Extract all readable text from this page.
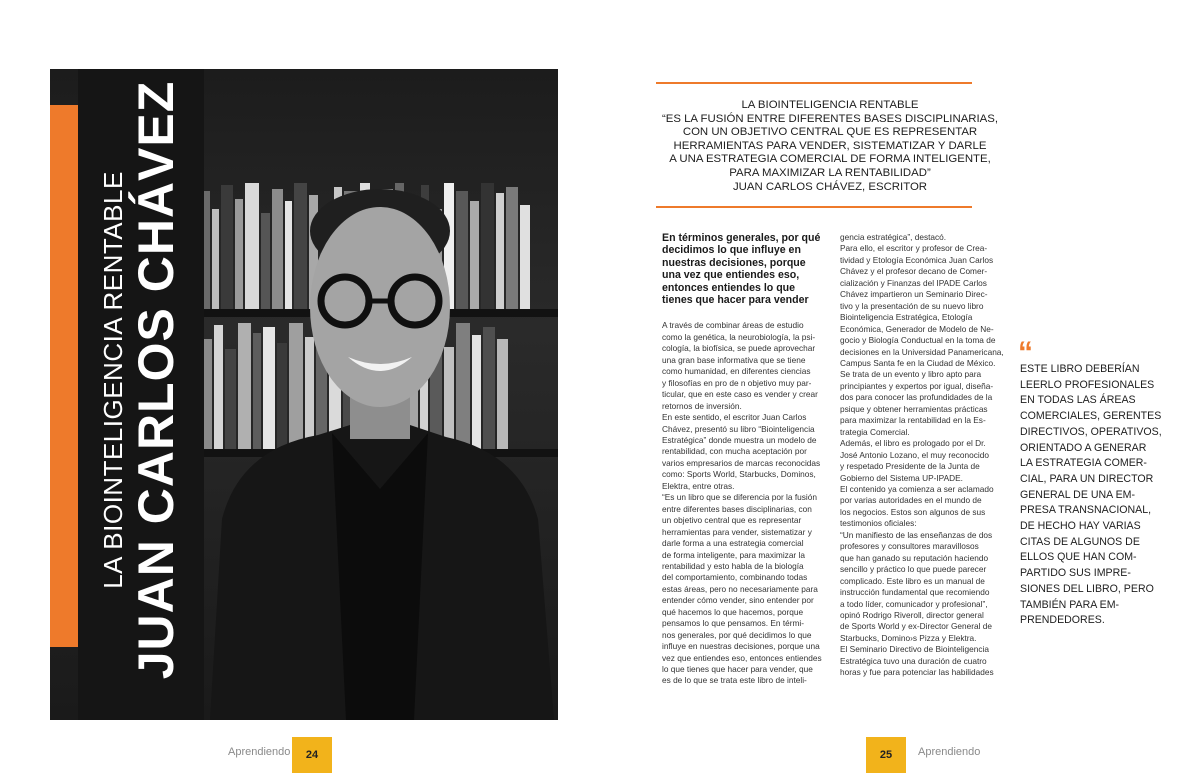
LA BIOINTELIGENCIA RENTABLE JUAN CARLOS CHÁVEZ
Aprendiendo	24
LA BIOINTELIGENCIA RENTABLE
“ES LA FUSIÓN ENTRE DIFERENTES BASES DISCIPLINARIAS,
CON UN OBJETIVO CENTRAL QUE ES REPRESENTAR
HERRAMIENTAS PARA VENDER, SISTEMATIZAR Y DARLE
A UNA ESTRATEGIA COMERCIAL DE FORMA INTELIGENTE,
PARA MAXIMIZAR LA RENTABILIDAD”
JUAN CARLOS CHÁVEZ, ESCRITOR
En términos generales, por qué
decidimos lo que influye en
nuestras decisiones, porque
una vez que entiendes eso,
entonces entiendes lo que
tienes que hacer para vender
A través de combinar áreas de estudio
como la genética, la neurobiología, la psi-
cología, la biofísica, se puede aprovechar
una gran base informativa que se tiene
como humanidad, en diferentes ciencias
y filosofías en pro de n objetivo muy par-
ticular, que en este caso es vender y crear
retornos de inversión.
En este sentido, el escritor Juan Carlos
Chávez, presentó su libro “Biointeligencia
Estratégica” donde muestra un modelo de
rentabilidad, con mucha aceptación por
varios empresarios de marcas reconocidas
como: Sports World, Starbucks, Dominos,
Elektra, entre otras.
“Es un libro que se diferencia por la fusión
entre diferentes bases disciplinarias, con
un objetivo central que es representar
herramientas para vender, sistematizar y
darle forma a una estrategia comercial
de forma inteligente, para maximizar la
rentabilidad y esto habla de la biología
del comportamiento, combinando todas
estas áreas, pero no necesariamente para
entender cómo vender, sino entender por
qué hacemos lo que hacemos, porque
pensamos lo que pensamos. En térmi-
nos generales, por qué decidimos lo que
influye en nuestras decisiones, porque una
vez que entiendes eso, entonces entiendes
lo que tienes que hacer para vender, que
es de lo que se trata este libro de inteli-
gencia estratégica”, destacó.
Para ello, el escritor y profesor de Crea-
tividad y Etología Económica Juan Carlos
Chávez y el profesor decano de Comer-
cialización y Finanzas del IPADE Carlos
Chávez impartieron un Seminario Direc-
tivo y la presentación de su nuevo libro
Biointeligencia Estratégica, Etología
Económica, Generador de Modelo de Ne-
gocio y Biología Conductual en la toma de
decisiones en la Universidad Panamericana,
Campus Santa fe en la Ciudad de México.
Se trata de un evento y libro apto para
principiantes y expertos por igual, diseña-
dos para conocer las profundidades de la
psique y obtener herramientas prácticas
para maximizar la rentabilidad en la Es-
trategia Comercial.
Además, el libro es prologado por el Dr.
José Antonio Lozano, el muy reconocido
y respetado Presidente de la Junta de
Gobierno del Sistema UP-IPADE.
El contenido ya comienza a ser aclamado
por varias autoridades en el mundo de
los negocios. Estos son algunos de sus
testimonios oficiales:
“Un manifiesto de las enseñanzas de dos
profesores y consultores maravillosos
que han ganado su reputación haciendo
sencillo y práctico lo que puede parecer
complicado. Este libro es un manual de
instrucción fundamental que recomiendo
a todo líder, comunicador y profesional”,
opinó Rodrigo Riveroll, director general
de Sports World y ex-Director General de
Starbucks, Domino›s Pizza y Elektra.
El Seminario Directivo de Biointeligencia
Estratégica tuvo una duración de cuatro
horas y fue para potenciar las habilidades
“
ESTE LIBRO DEBERÍAN
LEERLO PROFESIONALES
EN TODAS LAS ÁREAS
COMERCIALES, GERENTES
DIRECTIVOS, OPERATIVOS,
ORIENTADO A GENERAR
LA ESTRATEGIA COMER-
CIAL, PARA UN DIRECTOR
GENERAL DE UNA EM-
PRESA TRANSNACIONAL,
DE HECHO HAY VARIAS
CITAS DE ALGUNOS DE
ELLOS QUE HAN COM-
PARTIDO SUS IMPRE-
SIONES DEL LIBRO, PERO
TAMBIÉN PARA EM-
PRENDEDORES.
25	Aprendiendo
